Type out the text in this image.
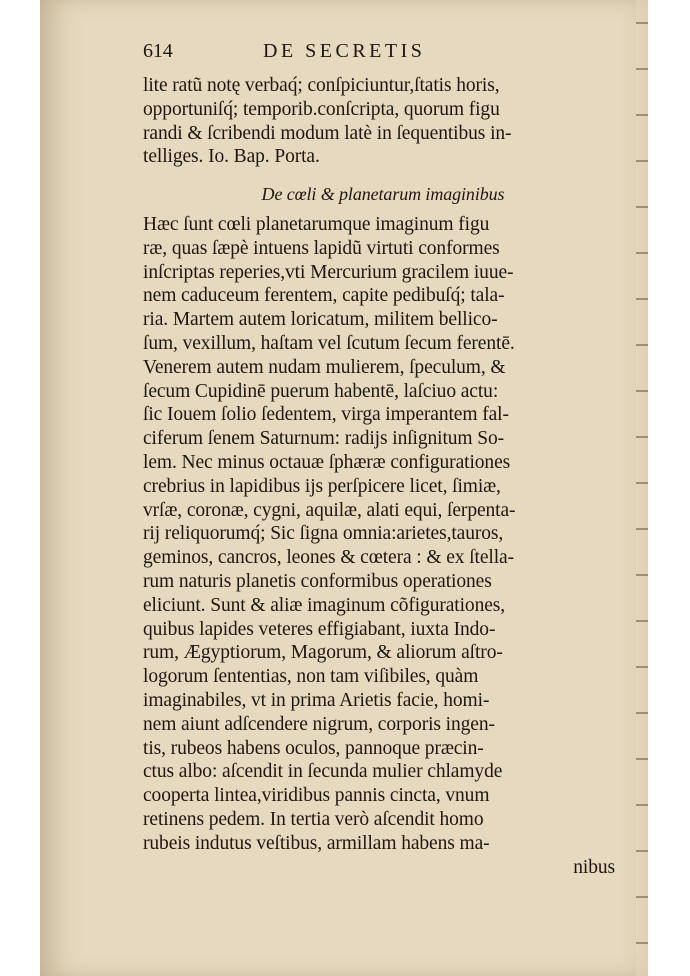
614	DE SECRETIS
lite ratũ notę verbaq́; conſpiciuntur,ſtatis horis,
opportuniſq́; temporib.conſcripta, quorum figu
randi & ſcribendi modum latè in ſequentibus in-
telliges. Io. Bap. Porta.
De cœli & planetarum imaginibus
Hæc ſunt cœli planetarumque imaginum figu
ræ, quas ſæpè intuens lapidũ virtuti conformes
inſcriptas reperies,vti Mercurium gracilem iuue-
nem caduceum ferentem, capite pedibuſq́; tala-
ria. Martem autem loricatum, militem bellico-
ſum, vexillum, haſtam vel ſcutum ſecum ferentē.
Venerem autem nudam mulierem, ſpeculum, &
ſecum Cupidinē puerum habentē, laſciuo actu:
ſic Iouem ſolio ſedentem, virga imperantem fal-
ciferum ſenem Saturnum: radijs inſignitum So-
lem. Nec minus octauæ ſphæræ configurationes
crebrius in lapidibus ijs perſpicere licet, ſimiæ,
vrſæ, coronæ, cygni, aquilæ, alati equi, ſerpenta-
rij reliquorumq́; Sic ſigna omnia:arietes,tauros,
geminos, cancros, leones & cœtera : & ex ſtella-
rum naturis planetis conformibus operationes
eliciunt. Sunt & aliæ imaginum cõfigurationes,
quibus lapides veteres effigiabant, iuxta Indo-
rum, Ægyptiorum, Magorum, & aliorum aſtro-
logorum ſententias, non tam viſibiles, quàm
imaginabiles, vt in prima Arietis facie, homi-
nem aiunt adſcendere nigrum, corporis ingen-
tis, rubeos habens oculos, pannoque præcin-
ctus albo: aſcendit in ſecunda mulier chlamyde
cooperta lintea,viridibus pannis cincta, vnum
retinens pedem. In tertia verò aſcendit homo
rubeis indutus veſtibus, armillam habens ma-
nibus
